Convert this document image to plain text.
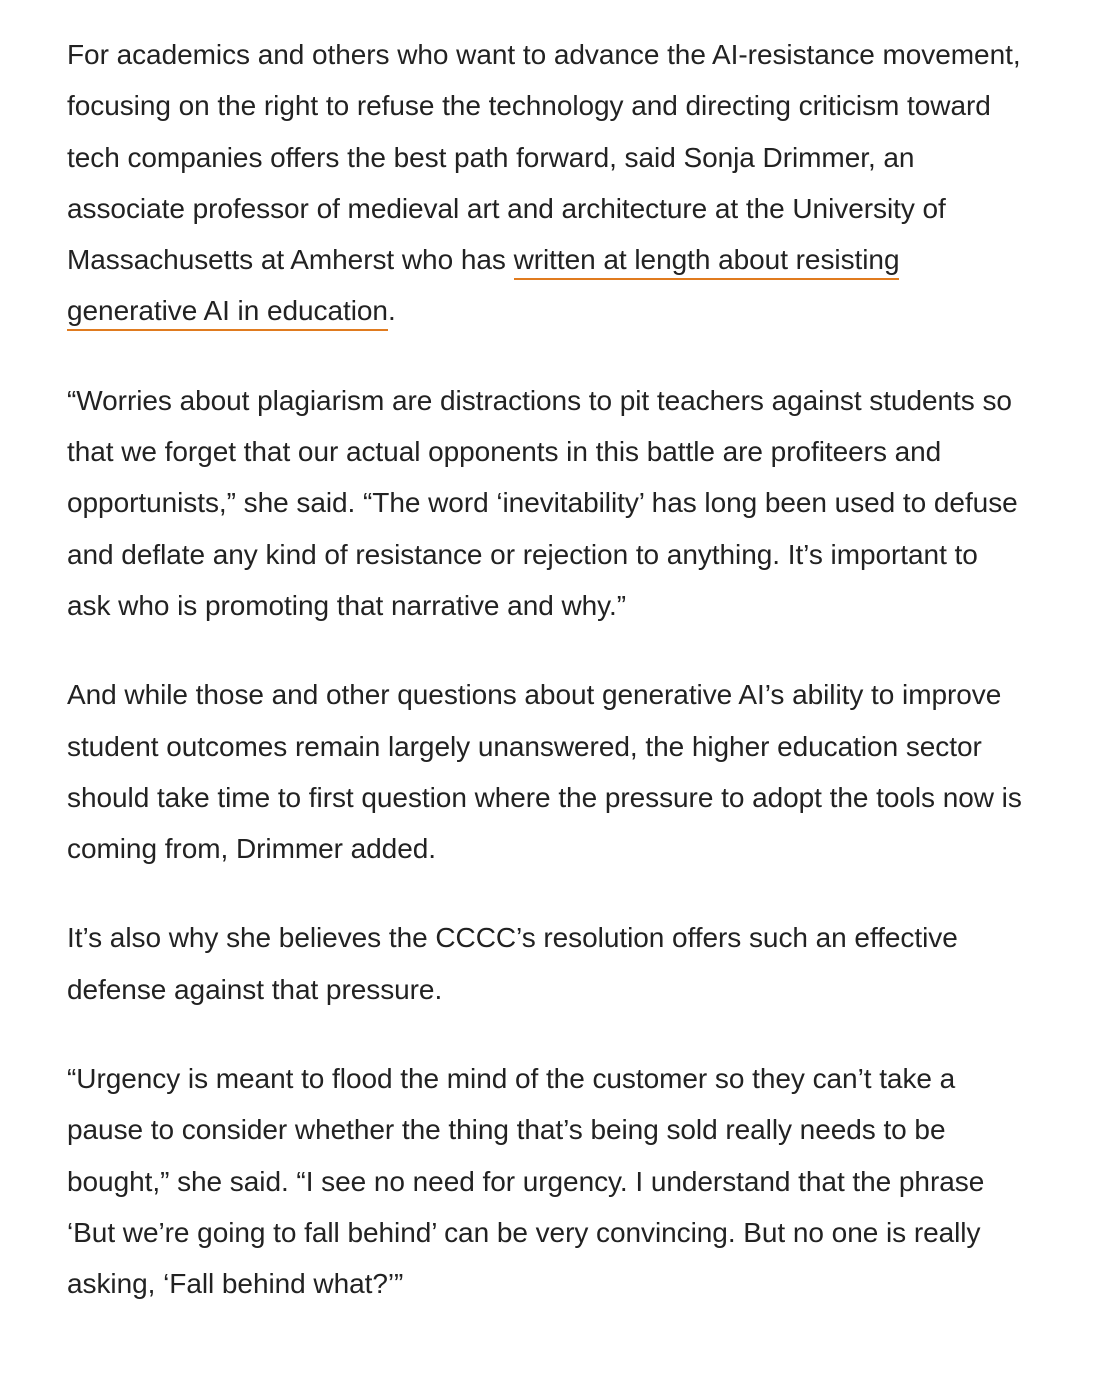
For academics and others who want to advance the AI-resistance movement, focusing on the right to refuse the technology and directing criticism toward tech companies offers the best path forward, said Sonja Drimmer, an associate professor of medieval art and architecture at the University of Massachusetts at Amherst who has written at length about resisting generative AI in education.

“Worries about plagiarism are distractions to pit teachers against students so that we forget that our actual opponents in this battle are profiteers and opportunists,” she said. “The word ‘inevitability’ has long been used to defuse and deflate any kind of resistance or rejection to anything. It’s important to ask who is promoting that narrative and why.”

And while those and other questions about generative AI’s ability to improve student outcomes remain largely unanswered, the higher education sector should take time to first question where the pressure to adopt the tools now is coming from, Drimmer added.

It’s also why she believes the CCCC’s resolution offers such an effective defense against that pressure.

“Urgency is meant to flood the mind of the customer so they can’t take a pause to consider whether the thing that’s being sold really needs to be bought,” she said. “I see no need for urgency. I understand that the phrase ‘But we’re going to fall behind’ can be very convincing. But no one is really asking, ‘Fall behind what?’”
